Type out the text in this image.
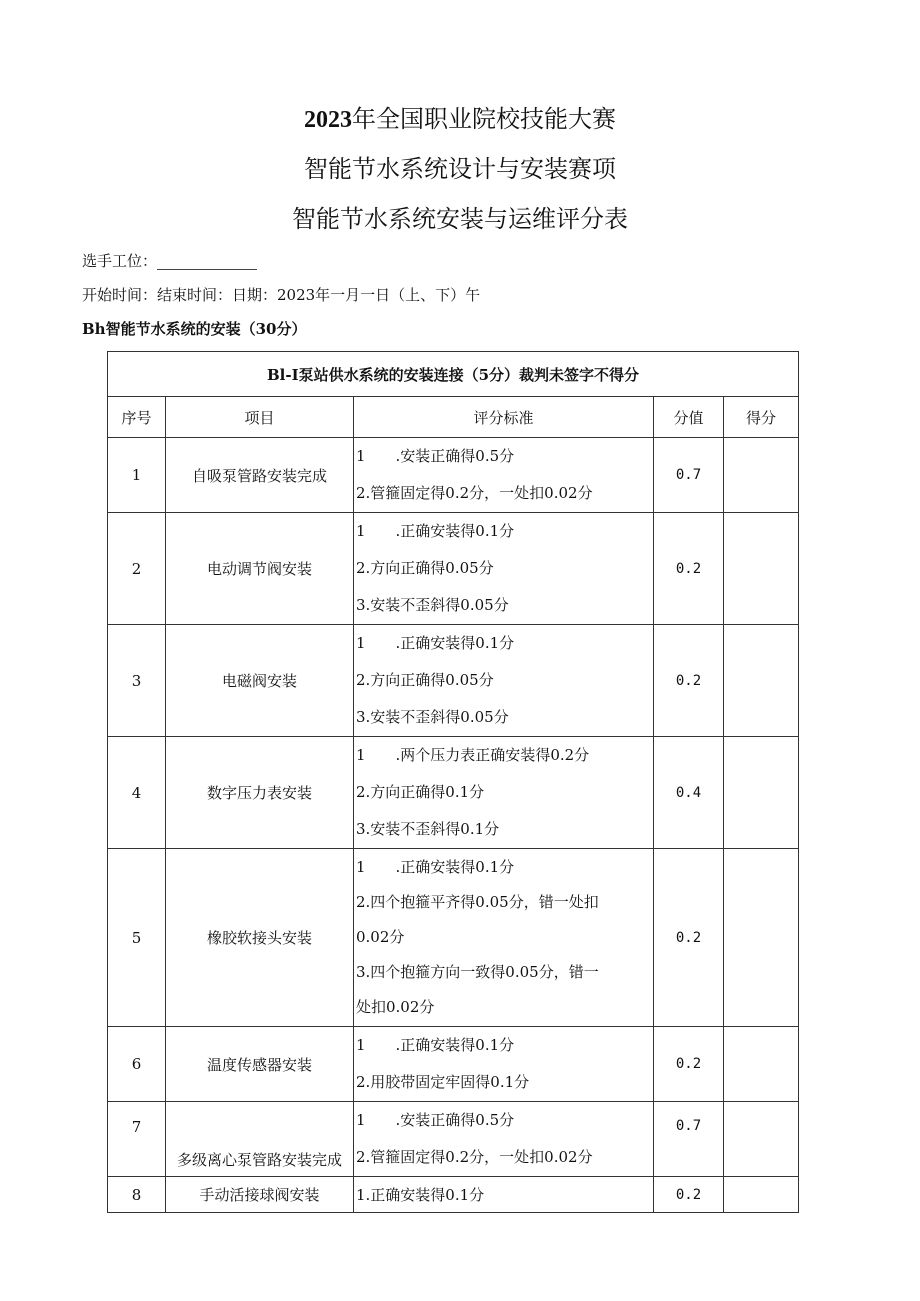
2023年全国职业院校技能大赛
智能节水系统设计与安装赛项
智能节水系统安装与运维评分表
选手工位：
开始时间：结束时间：日期：2023年一月一日（上、下）午
Bh智能节水系统的安装（30分）
Bl-I泵站供水系统的安装连接（5分）裁判未签字不得分				
序号	项目	评分标准	分值	得分
1	自吸泵管路安装完成	1　　.安装正确得0.5分
2.管箍固定得0.2分，一处扣0.02分	0.7	
2	电动调节阀安装	1　　.正确安装得0.1分
2.方向正确得0.05分
3.安装不歪斜得0.05分	0.2	
3	电磁阀安装	1　　.正确安装得0.1分
2.方向正确得0.05分
3.安装不歪斜得0.05分	0.2	
4	数字压力表安装	1　　.两个压力表正确安装得0.2分
2.方向正确得0.1分
3.安装不歪斜得0.1分	0.4	
5	橡胶软接头安装	1　　.正确安装得0.1分
2.四个抱箍平齐得0.05分，错一处扣
0.02分
3.四个抱箍方向一致得0.05分，错一
处扣0.02分	0.2	
6	温度传感器安装	1　　.正确安装得0.1分
2.用胶带固定牢固得0.1分	0.2	
7	多级离心泵管路安装完成	1　　.安装正确得0.5分
2.管箍固定得0.2分，一处扣0.02分	0.7	
8	手动活接球阀安装	1.正确安装得0.1分	0.2	
